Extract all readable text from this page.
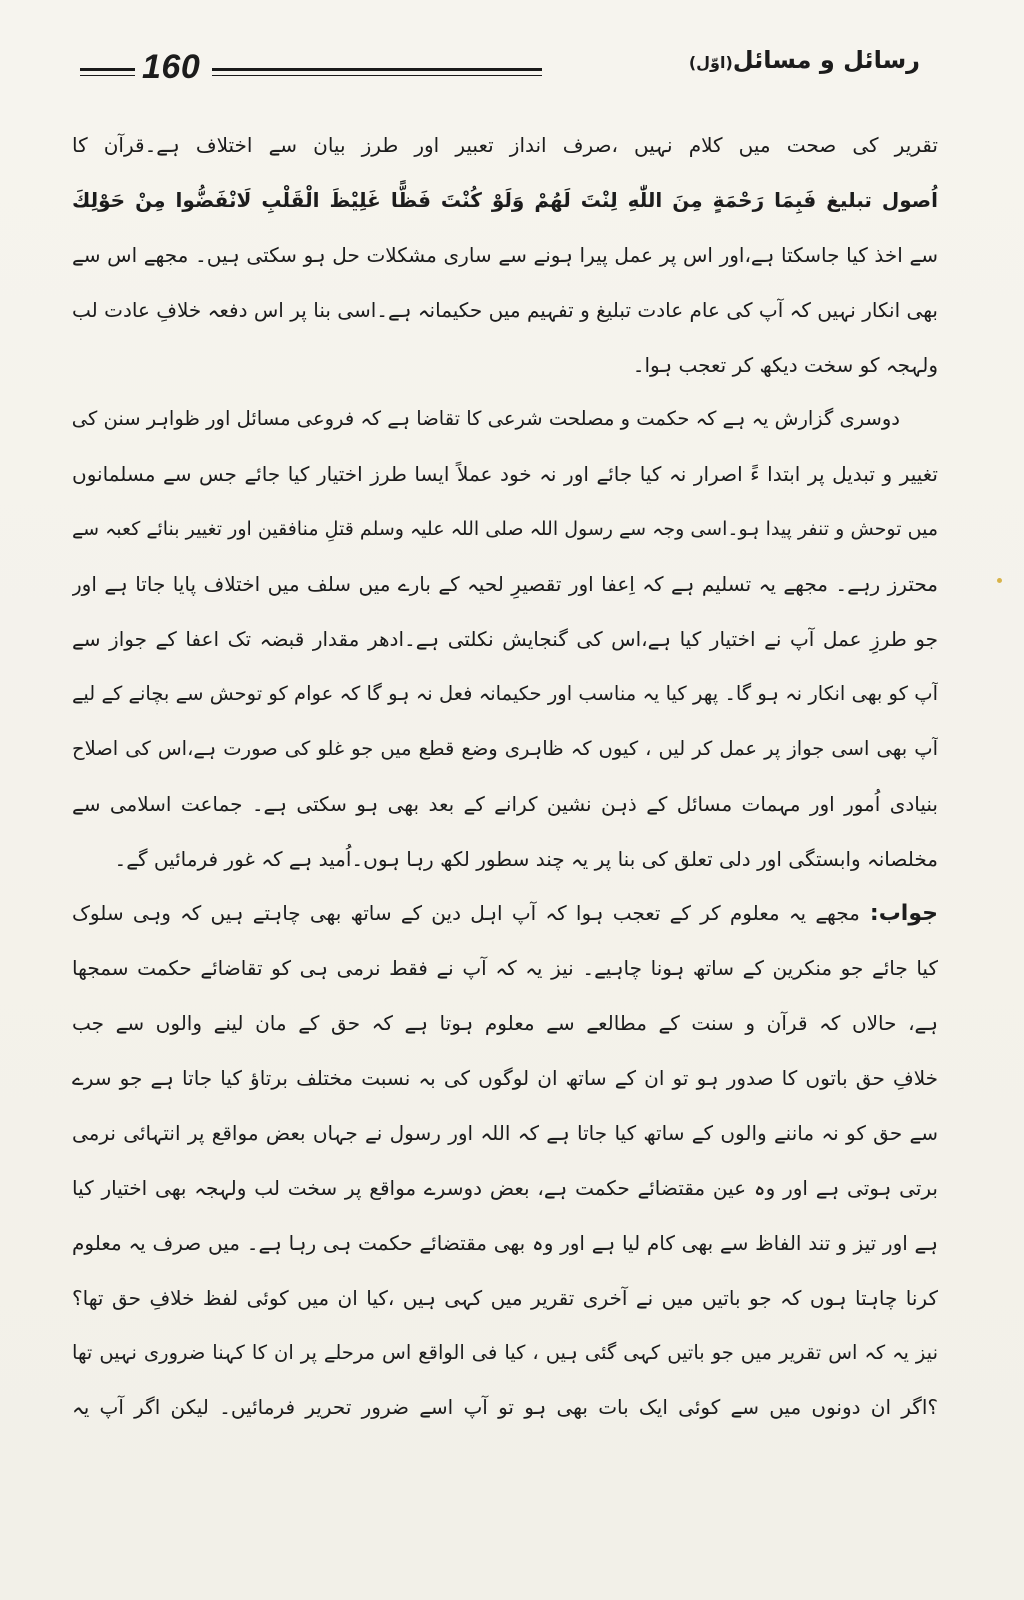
160	رسائل و مسائل(اوّل)
تقریر کی صحت میں کلام نہیں ،صرف انداز تعبیر اور طرز بیان سے اختلاف ہے۔قرآن کا
اُصول تبلیغ فَبِمَا رَحْمَةٍ مِنَ اللّٰهِ لِنْتَ لَهُمْ وَلَوْ كُنْتَ فَظًّا غَلِيْظَ الْقَلْبِ لَانْفَضُّوا مِنْ حَوْلِكَ
سے اخذ کیا جاسکتا ہے،اور اس پر عمل پیرا ہونے سے ساری مشکلات حل ہو سکتی ہیں۔ مجھے اس سے
بھی انکار نہیں کہ آپ کی عام عادت تبلیغ و تفہیم میں حکیمانہ ہے۔اسی بنا پر اس دفعہ خلافِ عادت لب
ولہجہ کو سخت دیکھ کر تعجب ہوا۔
دوسری گزارش یہ ہے کہ حکمت و مصلحت شرعی کا تقاضا ہے کہ فروعی مسائل اور ظواہر سنن کی
تغییر و تبدیل پر ابتدا ءً اصرار نہ کیا جائے اور نہ خود عملاً ایسا طرز اختیار کیا جائے جس سے مسلمانوں
میں توحش و تنفر پیدا ہو۔اسی وجہ سے رسول اللہ صلی اللہ علیہ وسلم قتلِ منافقین اور تغییر بنائے کعبہ سے
محترز رہے۔ مجھے یہ تسلیم ہے کہ اِعفا اور تقصیرِ لحیہ کے بارے میں سلف میں اختلاف پایا جاتا ہے اور
جو طرزِ عمل آپ نے اختیار کیا ہے،اس کی گنجایش نکلتی ہے۔ادھر مقدار قبضہ تک اعفا کے جواز سے
آپ کو بھی انکار نہ ہو گا۔ پھر کیا یہ مناسب اور حکیمانہ فعل نہ ہو گا کہ عوام کو توحش سے بچانے کے لیے
آپ بھی اسی جواز پر عمل کر لیں ، کیوں کہ ظاہری وضع قطع میں جو غلو کی صورت ہے،اس کی اصلاح
بنیادی اُمور اور مہمات مسائل کے ذہن نشین کرانے کے بعد بھی ہو سکتی ہے۔ جماعت اسلامی سے
مخلصانہ وابستگی اور دلی تعلق کی بنا پر یہ چند سطور لکھ رہا ہوں۔اُمید ہے کہ غور فرمائیں گے۔
جواب:مجھے یہ معلوم کر کے تعجب ہوا کہ آپ اہل دین کے ساتھ بھی چاہتے ہیں کہ وہی سلوک
کیا جائے جو منکرین کے ساتھ ہونا چاہیے۔ نیز یہ کہ آپ نے فقط نرمی ہی کو تقاضائے حکمت سمجھا
ہے، حالاں کہ قرآن و سنت کے مطالعے سے معلوم ہوتا ہے کہ حق کے مان لینے والوں سے جب
خلافِ حق باتوں کا صدور ہو تو ان کے ساتھ ان لوگوں کی بہ نسبت مختلف برتاؤ کیا جاتا ہے جو سرے
سے حق کو نہ ماننے والوں کے ساتھ کیا جاتا ہے کہ اللہ اور رسول نے جہاں بعض مواقع پر انتہائی نرمی
برتی ہوتی ہے اور وہ عین مقتضائے حکمت ہے، بعض دوسرے مواقع پر سخت لب ولہجہ بھی اختیار کیا
ہے اور تیز و تند الفاظ سے بھی کام لیا ہے اور وہ بھی مقتضائے حکمت ہی رہا ہے۔ میں صرف یہ معلوم
کرنا چاہتا ہوں کہ جو باتیں میں نے آخری تقریر میں کہی ہیں ،کیا ان میں کوئی لفظ خلافِ حق تھا؟
نیز یہ کہ اس تقریر میں جو باتیں کہی گئی ہیں ، کیا فی الواقع اس مرحلے پر ان کا کہنا ضروری نہیں تھا
؟اگر ان دونوں میں سے کوئی ایک بات بھی ہو تو آپ اسے ضرور تحریر فرمائیں۔ لیکن اگر آپ یہ
